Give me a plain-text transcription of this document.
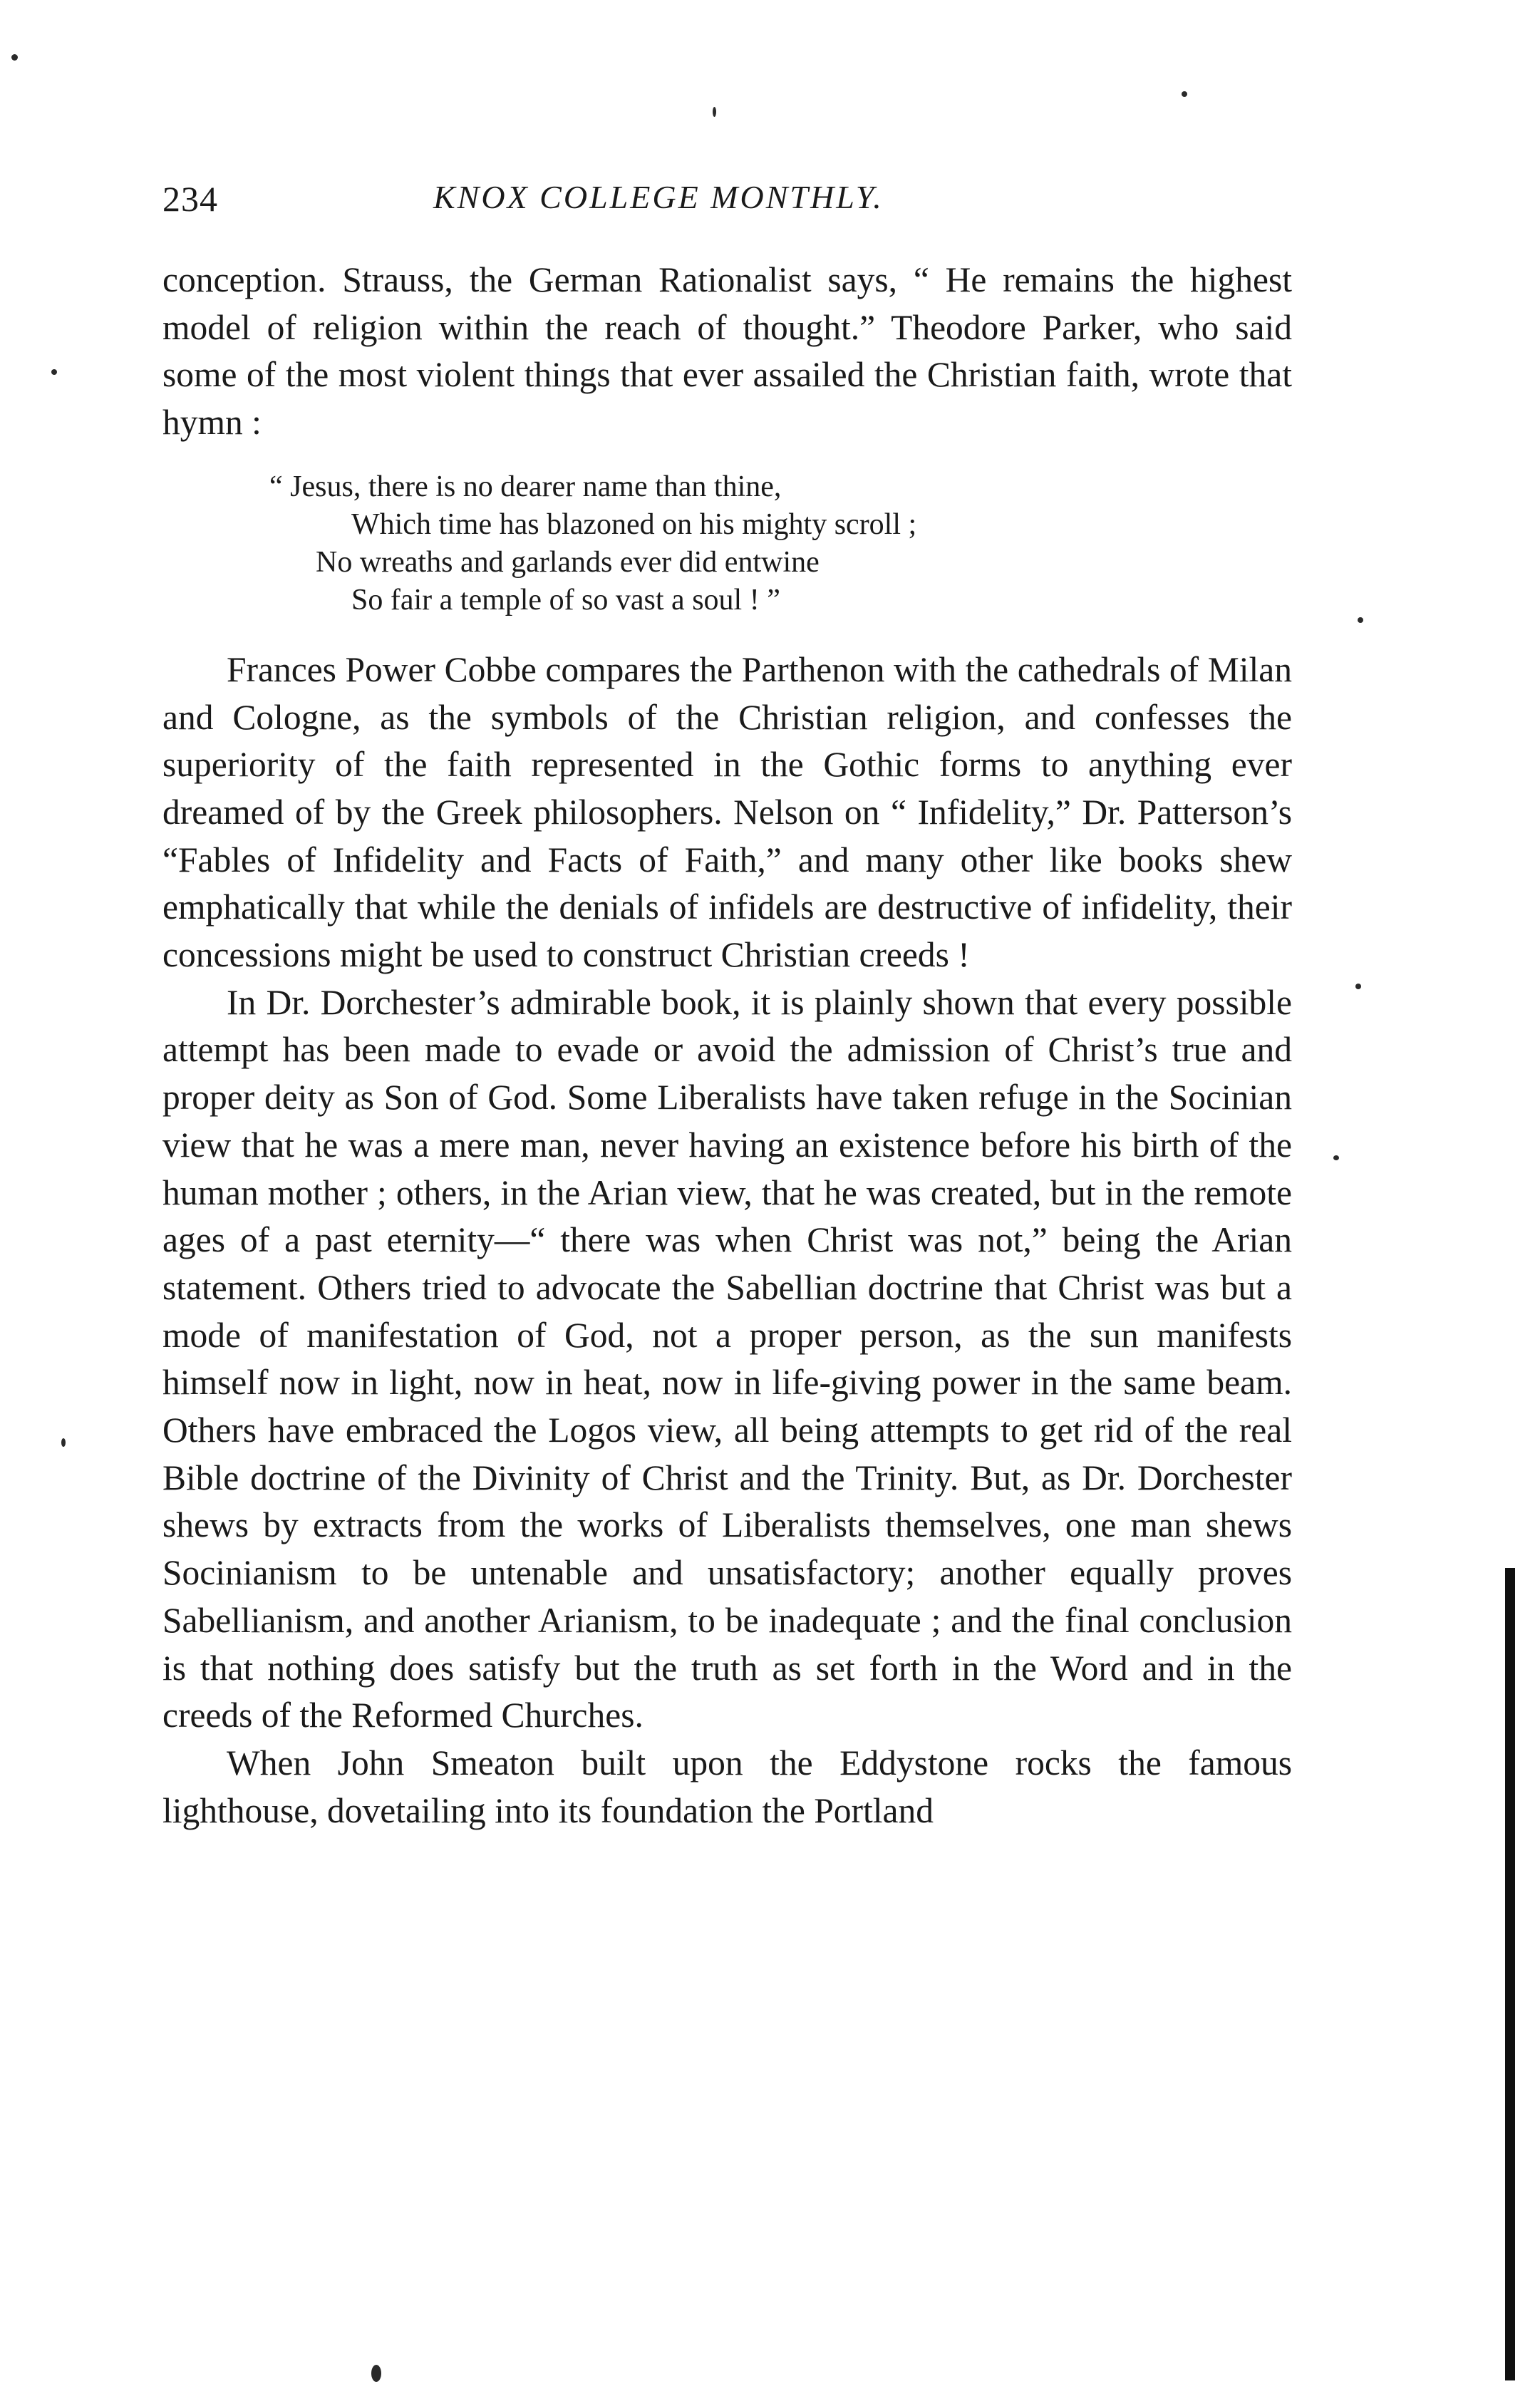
234	KNOX COLLEGE MONTHLY.

conception. Strauss, the German Rationalist says, “ He remains the highest model of religion within the reach of thought.” Theodore Parker, who said some of the most violent things that ever assailed the Christian faith, wrote that hymn :

“ Jesus, there is no dearer name than thine,
Which time has blazoned on his mighty scroll ;
No wreaths and garlands ever did entwine
So fair a temple of so vast a soul ! ”

Frances Power Cobbe compares the Parthenon with the cathedrals of Milan and Cologne, as the symbols of the Christian religion, and confesses the superiority of the faith represented in the Gothic forms to anything ever dreamed of by the Greek philosophers. Nelson on “ Infidelity,” Dr. Patterson’s “Fables of Infidelity and Facts of Faith,” and many other like books shew emphatically that while the denials of infidels are destructive of infidelity, their concessions might be used to construct Christian creeds !

In Dr. Dorchester’s admirable book, it is plainly shown that every possible attempt has been made to evade or avoid the admission of Christ’s true and proper deity as Son of God. Some Liberalists have taken refuge in the Socinian view that he was a mere man, never having an existence before his birth of the human mother ; others, in the Arian view, that he was created, but in the remote ages of a past eternity—“ there was when Christ was not,” being the Arian statement. Others tried to advocate the Sabellian doctrine that Christ was but a mode of manifestation of God, not a proper person, as the sun manifests himself now in light, now in heat, now in life-giving power in the same beam. Others have embraced the Logos view, all being attempts to get rid of the real Bible doctrine of the Divinity of Christ and the Trinity. But, as Dr. Dorchester shews by extracts from the works of Liberalists themselves, one man shews Socinianism to be untenable and unsatisfactory; another equally proves Sabellianism, and another Arianism, to be inadequate ; and the final conclusion is that nothing does satisfy but the truth as set forth in the Word and in the creeds of the Reformed Churches.

When John Smeaton built upon the Eddystone rocks the famous lighthouse, dovetailing into its foundation the Portland
